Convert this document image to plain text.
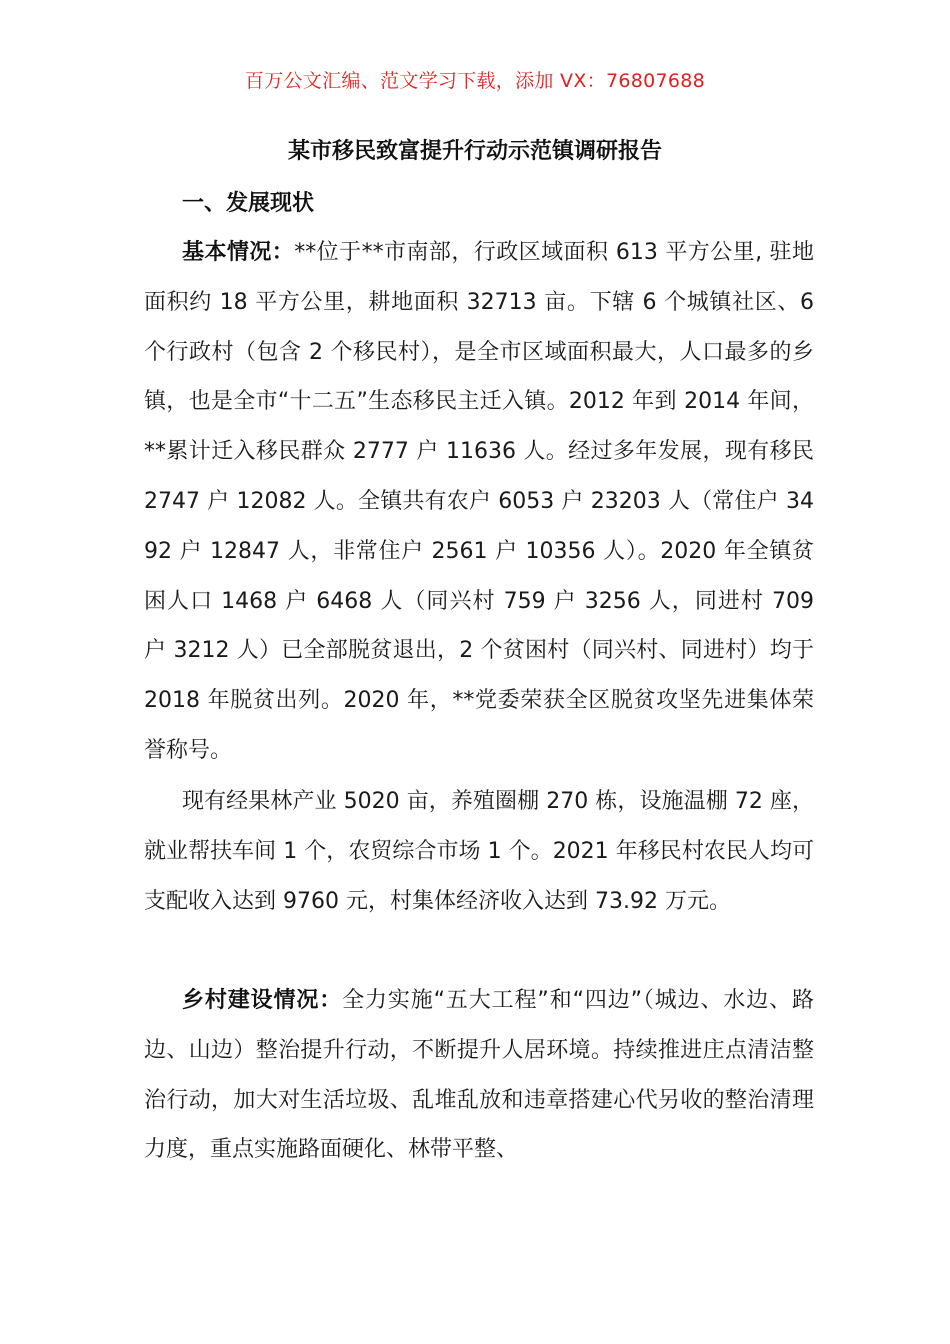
百万公文汇编、范文学习下载，添加 VX：76807688
某市移民致富提升行动示范镇调研报告
一、发展现状

基本情况：**位于**市南部，行政区域面积 613 平方公里, 驻地面积约 18 平方公里，耕地面积 32713 亩。下辖 6 个城镇社区、6 个行政村（包含 2 个移民村），是全市区域面积最大，人口最多的乡镇，也是全市“十二五”生态移民主迁入镇。2012 年到 2014 年间，**累计迁入移民群众 2777 户 11636 人。经过多年发展，现有移民 2747 户 12082 人。全镇共有农户 6053 户 23203 人（常住户 3492 户 12847 人，非常住户 2561 户 10356 人）。2020 年全镇贫困人口 1468 户 6468 人（同兴村 759 户 3256 人，同进村 709 户 3212 人）已全部脱贫退出，2 个贫困村（同兴村、同进村）均于 2018 年脱贫出列。2020 年，**党委荣获全区脱贫攻坚先进集体荣誉称号。

现有经果林产业 5020 亩，养殖圈棚 270 栋，设施温棚 72 座，就业帮扶车间 1 个，农贸综合市场 1 个。2021 年移民村农民人均可支配收入达到 9760 元，村集体经济收入达到 73.92 万元。

乡村建设情况：全力实施“五大工程”和“四边”（城边、水边、路边、山边）整治提升行动，不断提升人居环境。持续推进庄点清洁整治行动，加大对生活垃圾、乱堆乱放和违章搭建心代另收的整治清理力度，重点实施路面硬化、林带平整、
